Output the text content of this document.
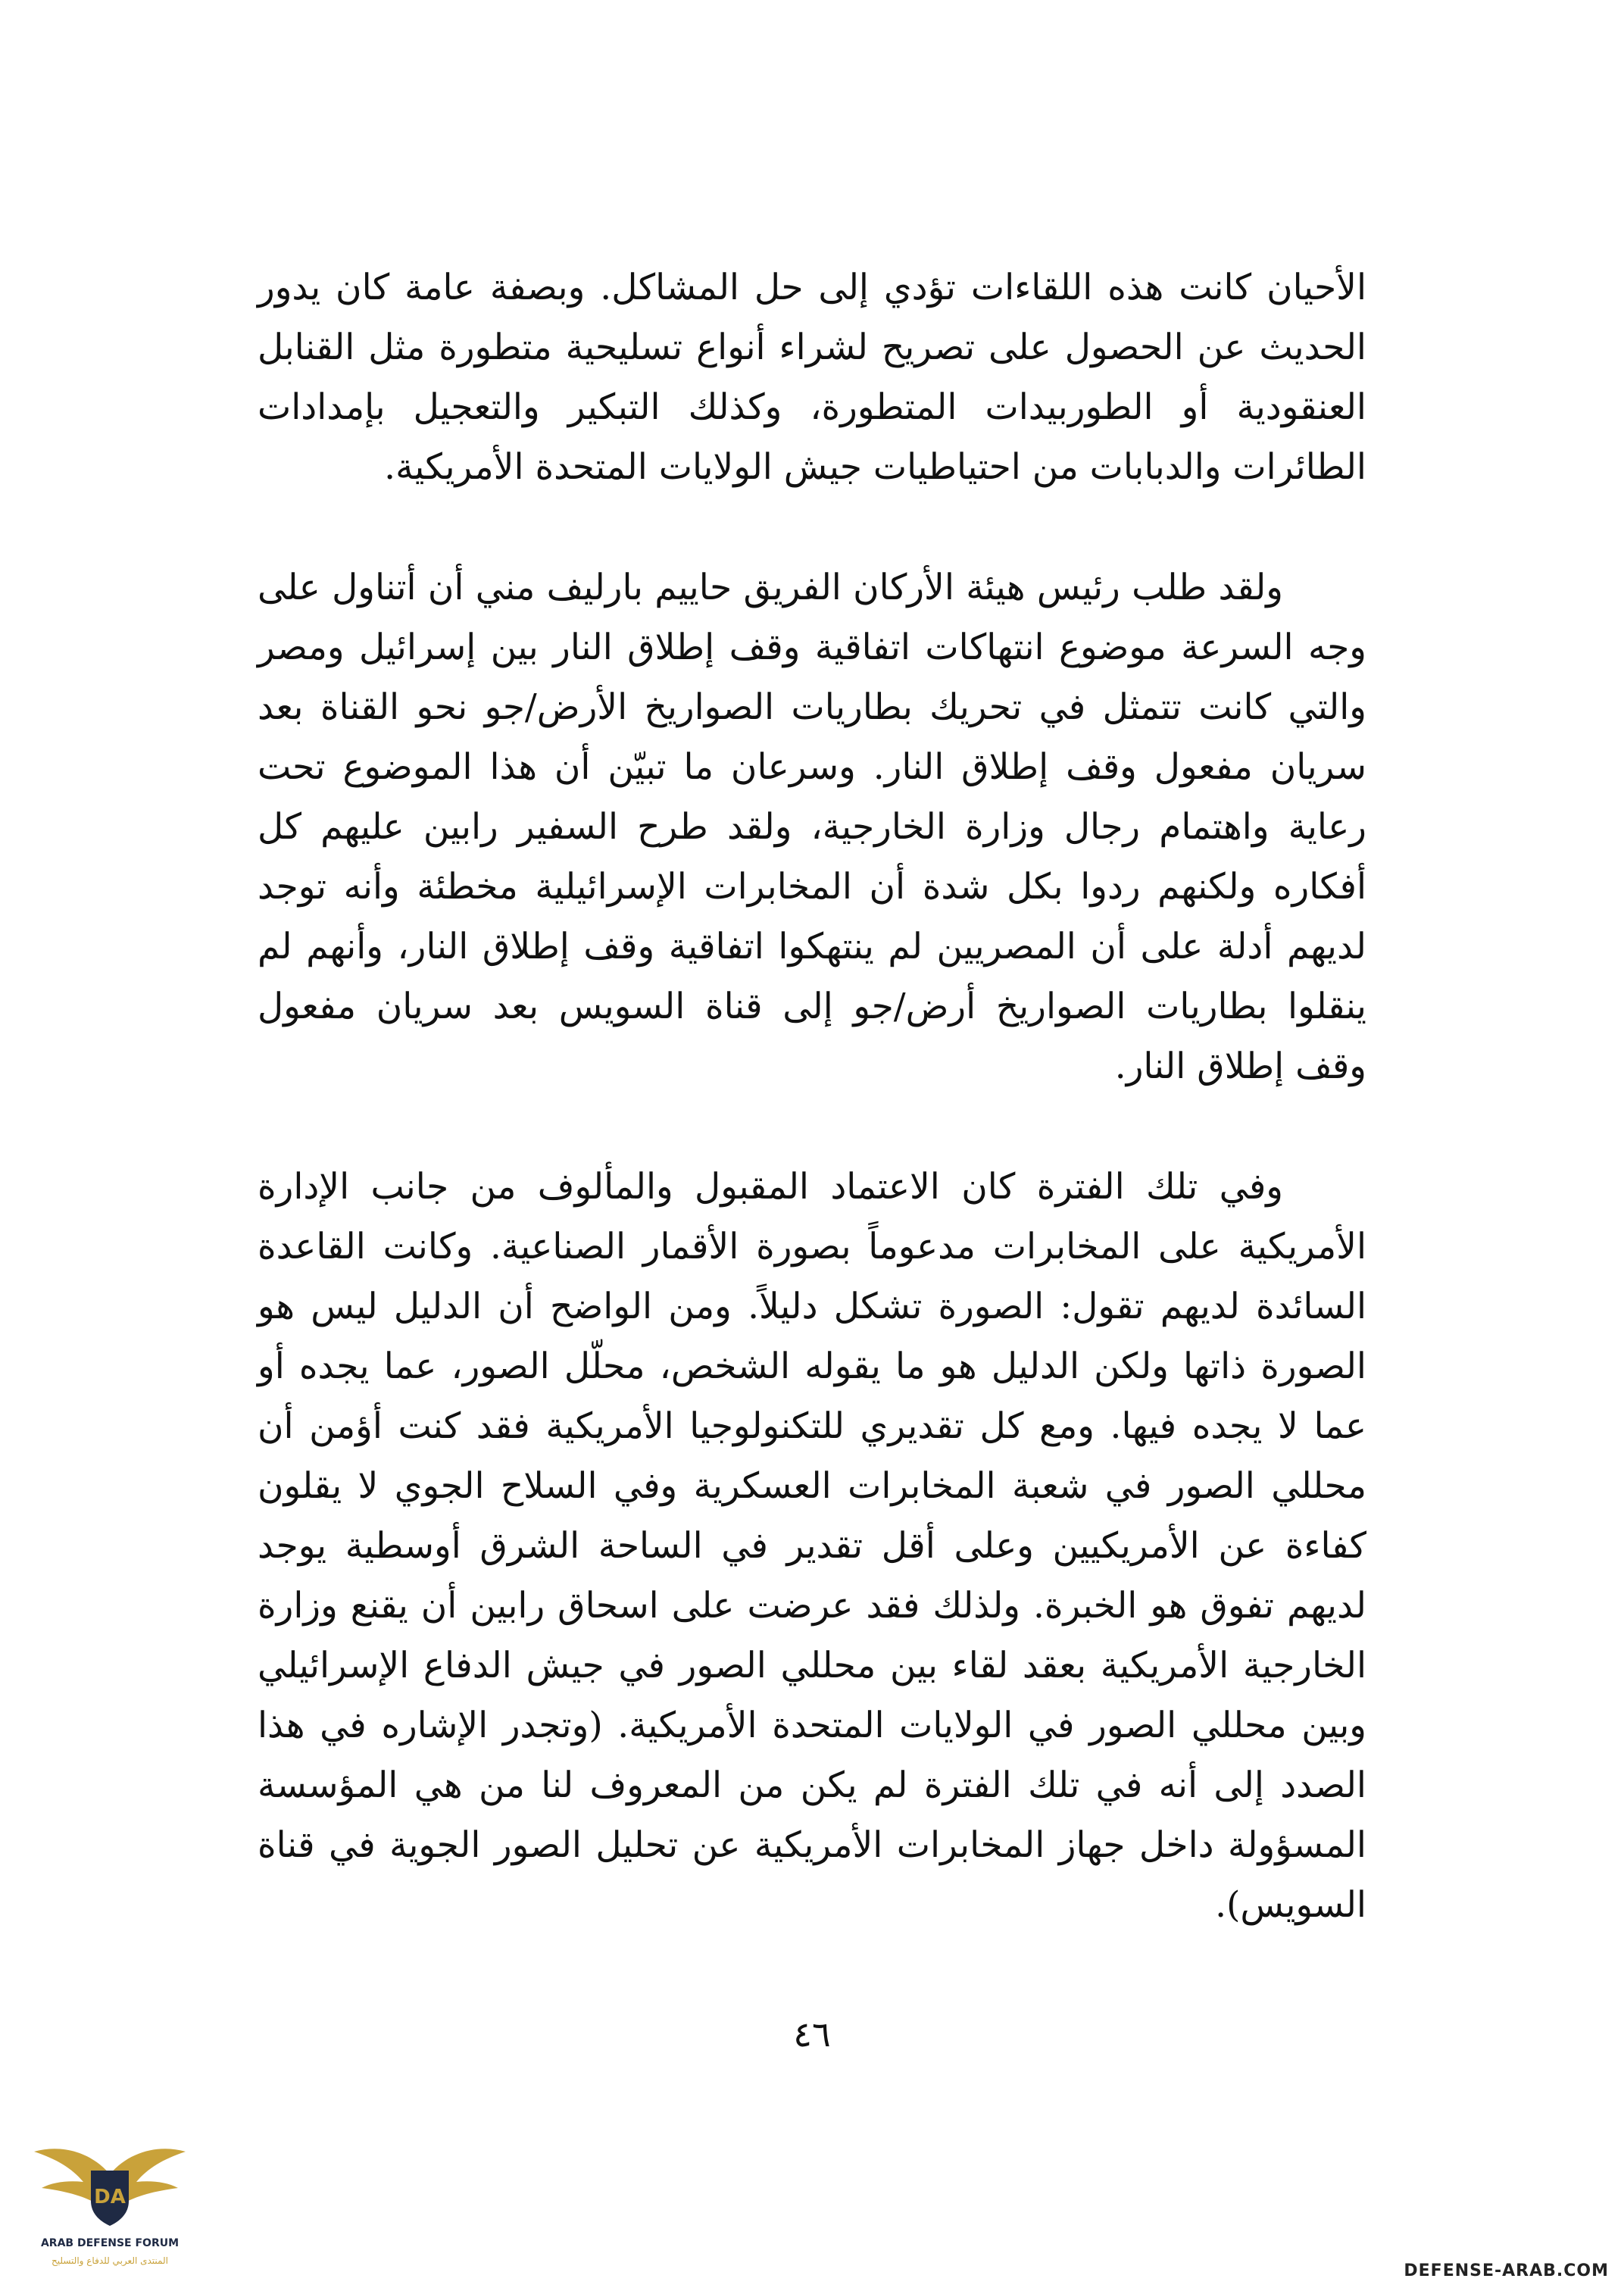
الأحيان كانت هذه اللقاءات تؤدي إلى حل المشاكل. وبصفة عامة كان يدور الحديث عن الحصول على تصريح لشراء أنواع تسليحية متطورة مثل القنابل العنقودية أو الطوربيدات المتطورة، وكذلك التبكير والتعجيل بإمدادات الطائرات والدبابات من احتياطيات جيش الولايات المتحدة الأمريكية.

ولقد طلب رئيس هيئة الأركان الفريق حاييم بارليف مني أن أتناول على وجه السرعة موضوع انتهاكات اتفاقية وقف إطلاق النار بين إسرائيل ومصر والتي كانت تتمثل في تحريك بطاريات الصواريخ الأرض/جو نحو القناة بعد سريان مفعول وقف إطلاق النار. وسرعان ما تبيّن أن هذا الموضوع تحت رعاية واهتمام رجال وزارة الخارجية، ولقد طرح السفير رابين عليهم كل أفكاره ولكنهم ردوا بكل شدة أن المخابرات الإسرائيلية مخطئة وأنه توجد لديهم أدلة على أن المصريين لم ينتهكوا اتفاقية وقف إطلاق النار، وأنهم لم ينقلوا بطاريات الصواريخ أرض/جو إلى قناة السويس بعد سريان مفعول وقف إطلاق النار.

وفي تلك الفترة كان الاعتماد المقبول والمألوف من جانب الإدارة الأمريكية على المخابرات مدعوماً بصورة الأقمار الصناعية. وكانت القاعدة السائدة لديهم تقول: الصورة تشكل دليلاً. ومن الواضح أن الدليل ليس هو الصورة ذاتها ولكن الدليل هو ما يقوله الشخص، محلّل الصور، عما يجده أو عما لا يجده فيها. ومع كل تقديري للتكنولوجيا الأمريكية فقد كنت أؤمن أن محللي الصور في شعبة المخابرات العسكرية وفي السلاح الجوي لا يقلون كفاءة عن الأمريكيين وعلى أقل تقدير في الساحة الشرق أوسطية يوجد لديهم تفوق هو الخبرة. ولذلك فقد عرضت على اسحاق رابين أن يقنع وزارة الخارجية الأمريكية بعقد لقاء بين محللي الصور في جيش الدفاع الإسرائيلي وبين محللي الصور في الولايات المتحدة الأمريكية. (وتجدر الإشاره في هذا الصدد إلى أنه في تلك الفترة لم يكن من المعروف لنا من هي المؤسسة المسؤولة داخل جهاز المخابرات الأمريكية عن تحليل الصور الجوية في قناة السويس).

٤٦
DA
ARAB DEFENSE FORUM
المنتدى العربي للدفاع والتسليح
DEFENSE-ARAB.COM
